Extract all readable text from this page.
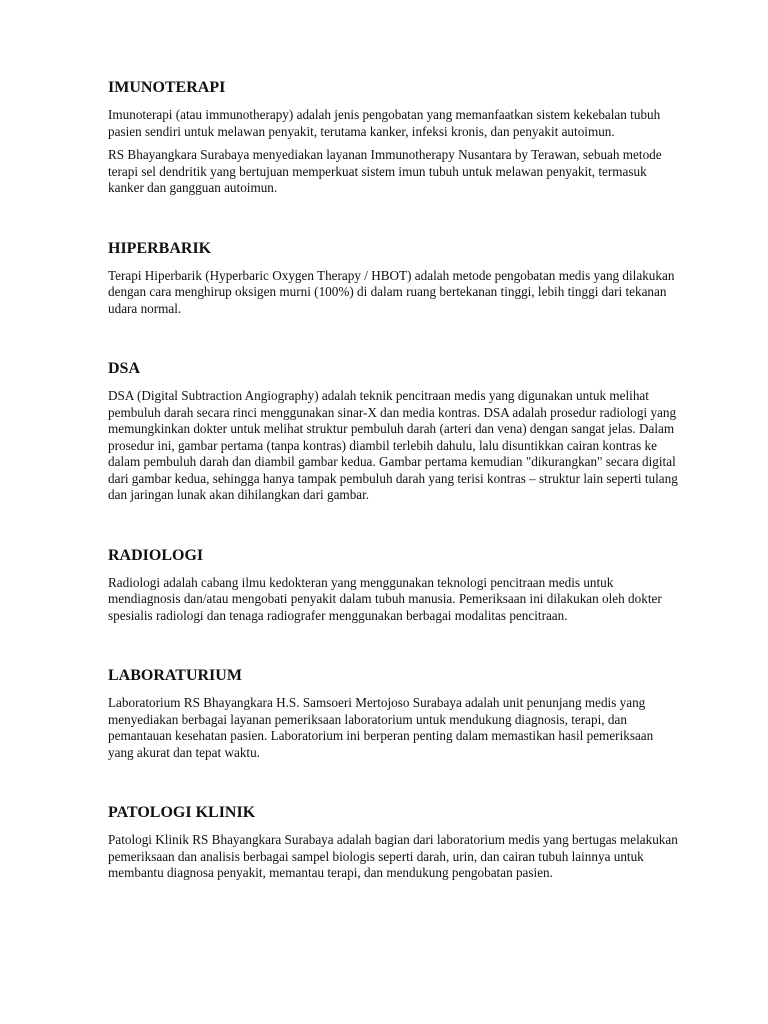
IMUNOTERAPI

Imunoterapi (atau immunotherapy) adalah jenis pengobatan yang memanfaatkan sistem kekebalan tubuh pasien sendiri untuk melawan penyakit, terutama kanker, infeksi kronis, dan penyakit autoimun.

RS Bhayangkara Surabaya menyediakan layanan Immunotherapy Nusantara by Terawan, sebuah metode terapi sel dendritik yang bertujuan memperkuat sistem imun tubuh untuk melawan penyakit, termasuk kanker dan gangguan autoimun.

HIPERBARIK

Terapi Hiperbarik (Hyperbaric Oxygen Therapy / HBOT) adalah metode pengobatan medis yang dilakukan dengan cara menghirup oksigen murni (100%) di dalam ruang bertekanan tinggi, lebih tinggi dari tekanan udara normal.

DSA

DSA (Digital Subtraction Angiography) adalah teknik pencitraan medis yang digunakan untuk melihat pembuluh darah secara rinci menggunakan sinar-X dan media kontras. DSA adalah prosedur radiologi yang memungkinkan dokter untuk melihat struktur pembuluh darah (arteri dan vena) dengan sangat jelas. Dalam prosedur ini, gambar pertama (tanpa kontras) diambil terlebih dahulu, lalu disuntikkan cairan kontras ke dalam pembuluh darah dan diambil gambar kedua. Gambar pertama kemudian "dikurangkan" secara digital dari gambar kedua, sehingga hanya tampak pembuluh darah yang terisi kontras – struktur lain seperti tulang dan jaringan lunak akan dihilangkan dari gambar.

RADIOLOGI

Radiologi adalah cabang ilmu kedokteran yang menggunakan teknologi pencitraan medis untuk mendiagnosis dan/atau mengobati penyakit dalam tubuh manusia. Pemeriksaan ini dilakukan oleh dokter spesialis radiologi dan tenaga radiografer menggunakan berbagai modalitas pencitraan.

LABORATURIUM

Laboratorium RS Bhayangkara H.S. Samsoeri Mertojoso Surabaya adalah unit penunjang medis yang menyediakan berbagai layanan pemeriksaan laboratorium untuk mendukung diagnosis, terapi, dan pemantauan kesehatan pasien. Laboratorium ini berperan penting dalam memastikan hasil pemeriksaan yang akurat dan tepat waktu.

PATOLOGI KLINIK

Patologi Klinik RS Bhayangkara Surabaya adalah bagian dari laboratorium medis yang bertugas melakukan pemeriksaan dan analisis berbagai sampel biologis seperti darah, urin, dan cairan tubuh lainnya untuk membantu diagnosa penyakit, memantau terapi, dan mendukung pengobatan pasien.
